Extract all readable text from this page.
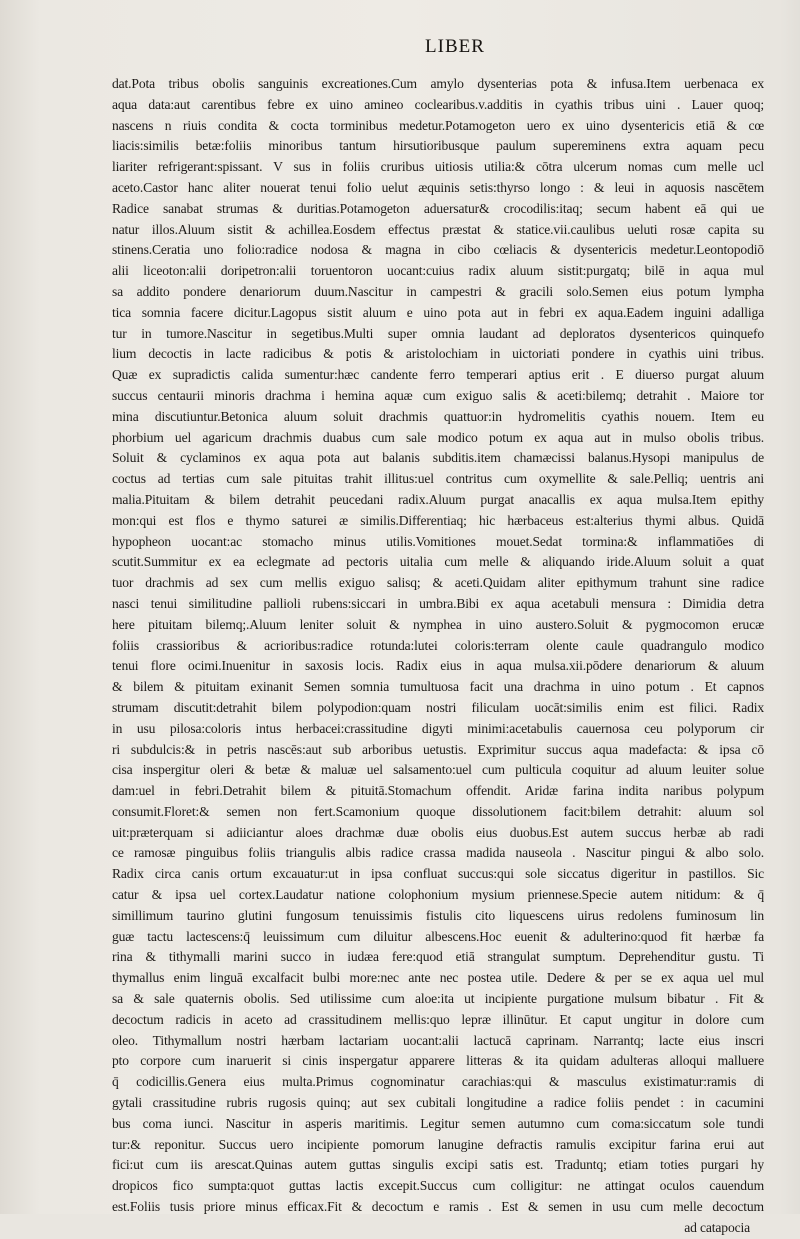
LIBER
dat.Pota tribus obolis sanguinis excreationes.Cum amylo dysenterias pota & infusa.Item uerbenaca ex
aqua data:aut carentibus febre ex uino amineo coclearibus.v.additis in cyathis tribus uini . Lauer quoq;
nascens n riuis condita & cocta torminibus medetur.Potamogeton uero ex uino dysentericis etiā & cœ
liacis:similis betæ:foliis minoribus tantum hirsutioribusque paulum supereminens extra aquam pecu
liariter refrigerant:spissant. V sus in foliis cruribus uitiosis utilia:& cōtra ulcerum nomas cum melle ucl
aceto.Castor hanc aliter nouerat tenui folio uelut æquinis setis:thyrso longo : & leui in aquosis nascētem
Radice sanabat strumas & duritias.Potamogeton aduersatur& crocodilis:itaq; secum habent eā qui ue
natur illos.Aluum sistit & achillea.Eosdem effectus præstat & statice.vii.caulibus ueluti rosæ capita su
stinens.Ceratia uno folio:radice nodosa & magna in cibo cœliacis & dysentericis medetur.Leontopodiō
alii liceoton:alii doripetron:alii toruentoron uocant:cuius radix aluum sistit:purgatq; bilē in aqua mul
sa addito pondere denariorum duum.Nascitur in campestri & gracili solo.Semen eius potum lympha
tica somnia facere dicitur.Lagopus sistit aluum e uino pota aut in febri ex aqua.Eadem inguini adalliga
tur in tumore.Nascitur in segetibus.Multi super omnia laudant ad deploratos dysentericos quinquefo
lium decoctis in lacte radicibus & potis & aristolochiam in uictoriati pondere in cyathis uini tribus.
Quæ ex supradictis calida sumentur:hæc candente ferro temperari aptius erit . E diuerso purgat aluum
succus centaurii minoris drachma i hemina aquæ cum exiguo salis & aceti:bilemq; detrahit . Maiore tor
mina discutiuntur.Betonica aluum soluit drachmis quattuor:in hydromelitis cyathis nouem. Item eu
phorbium uel agaricum drachmis duabus cum sale modico potum ex aqua aut in mulso obolis tribus.
Soluit & cyclaminos ex aqua pota aut balanis subditis.item chamæcissi balanus.Hysopi manipulus de
coctus ad tertias cum sale pituitas trahit illitus:uel contritus cum oxymellite & sale.Pelliq; uentris ani
malia.Pituitam & bilem detrahit peucedani radix.Aluum purgat anacallis ex aqua mulsa.Item epithy
mon:qui est flos e thymo saturei æ similis.Differentiaq; hic hærbaceus est:alterius thymi albus. Quidā
hypopheon uocant:ac stomacho minus utilis.Vomitiones mouet.Sedat tormina:& inflammatiōes di
scutit.Summitur ex ea eclegmate ad pectoris uitalia cum melle & aliquando iride.Aluum soluit a quat
tuor drachmis ad sex cum mellis exiguo salisq; & aceti.Quidam aliter epithymum trahunt sine radice
nasci tenui similitudine pallioli rubens:siccari in umbra.Bibi ex aqua acetabuli mensura : Dimidia detra
here pituitam bilemq;.Aluum leniter soluit & nymphea in uino austero.Soluit & pygmocomon erucæ
foliis crassioribus & acrioribus:radice rotunda:lutei coloris:terram olente caule quadrangulo modico
tenui flore ocimi.Inuenitur in saxosis locis. Radix eius in aqua mulsa.xii.pōdere denariorum & aluum
& bilem & pituitam exinanit Semen somnia tumultuosa facit una drachma in uino potum . Et capnos
strumam discutit:detrahit bilem polypodion:quam nostri filiculam uocāt:similis enim est filici. Radix
in usu pilosa:coloris intus herbacei:crassitudine digyti minimi:acetabulis cauernosa ceu polyporum cir
ri subdulcis:& in petris nascēs:aut sub arboribus uetustis. Exprimitur succus aqua madefacta: & ipsa cō
cisa inspergitur oleri & betæ & maluæ uel salsamento:uel cum pulticula coquitur ad aluum leuiter solue
dam:uel in febri.Detrahit bilem & pituitā.Stomachum offendit. Aridæ farina indita naribus polypum
consumit.Floret:& semen non fert.Scamonium quoque dissolutionem facit:bilem detrahit: aluum sol
uit:præterquam si adiiciantur aloes drachmæ duæ obolis eius duobus.Est autem succus herbæ ab radi
ce ramosæ pinguibus foliis triangulis albis radice crassa madida nauseola . Nascitur pingui & albo solo.
Radix circa canis ortum excauatur:ut in ipsa confluat succus:qui sole siccatus digeritur in pastillos. Sic
catur & ipsa uel cortex.Laudatur natione colophonium mysium priennese.Specie autem nitidum: & q̄
simillimum taurino glutini fungosum tenuissimis fistulis cito liquescens uirus redolens fuminosum lin
guæ tactu lactescens:q̄ leuissimum cum diluitur albescens.Hoc euenit & adulterino:quod fit hærbæ fa
rina & tithymalli marini succo in iudæa fere:quod etiā strangulat sumptum. Deprehenditur gustu. Ti
thymallus enim linguā excalfacit bulbi more:nec ante nec postea utile. Dedere & per se ex aqua uel mul
sa & sale quaternis obolis. Sed utilissime cum aloe:ita ut incipiente purgatione mulsum bibatur . Fit &
decoctum radicis in aceto ad crassitudinem mellis:quo lepræ illinūtur. Et caput ungitur in dolore cum
oleo. Tithymallum nostri hærbam lactariam uocant:alii lactucā caprinam. Narrantq; lacte eius inscri
pto corpore cum inaruerit si cinis inspergatur apparere litteras & ita quidam adulteras alloqui malluere
q̄ codicillis.Genera eius multa.Primus cognominatur carachias:qui & masculus existimatur:ramis di
gytali crassitudine rubris rugosis quinq; aut sex cubitali longitudine a radice foliis pendet : in cacumini
bus coma iunci. Nascitur in asperis maritimis. Legitur semen autumno cum coma:siccatum sole tundi
tur:& reponitur. Succus uero incipiente pomorum lanugine defractis ramulis excipitur farina erui aut
fici:ut cum iis arescat.Quinas autem guttas singulis excipi satis est. Traduntq; etiam toties purgari hy
dropicos fico sumpta:quot guttas lactis excepit.Succus cum colligitur: ne attingat oculos cauendum
est.Foliis tusis priore minus efficax.Fit & decoctum e ramis . Est & semen in usu cum melle decoctum
ad catapocia
